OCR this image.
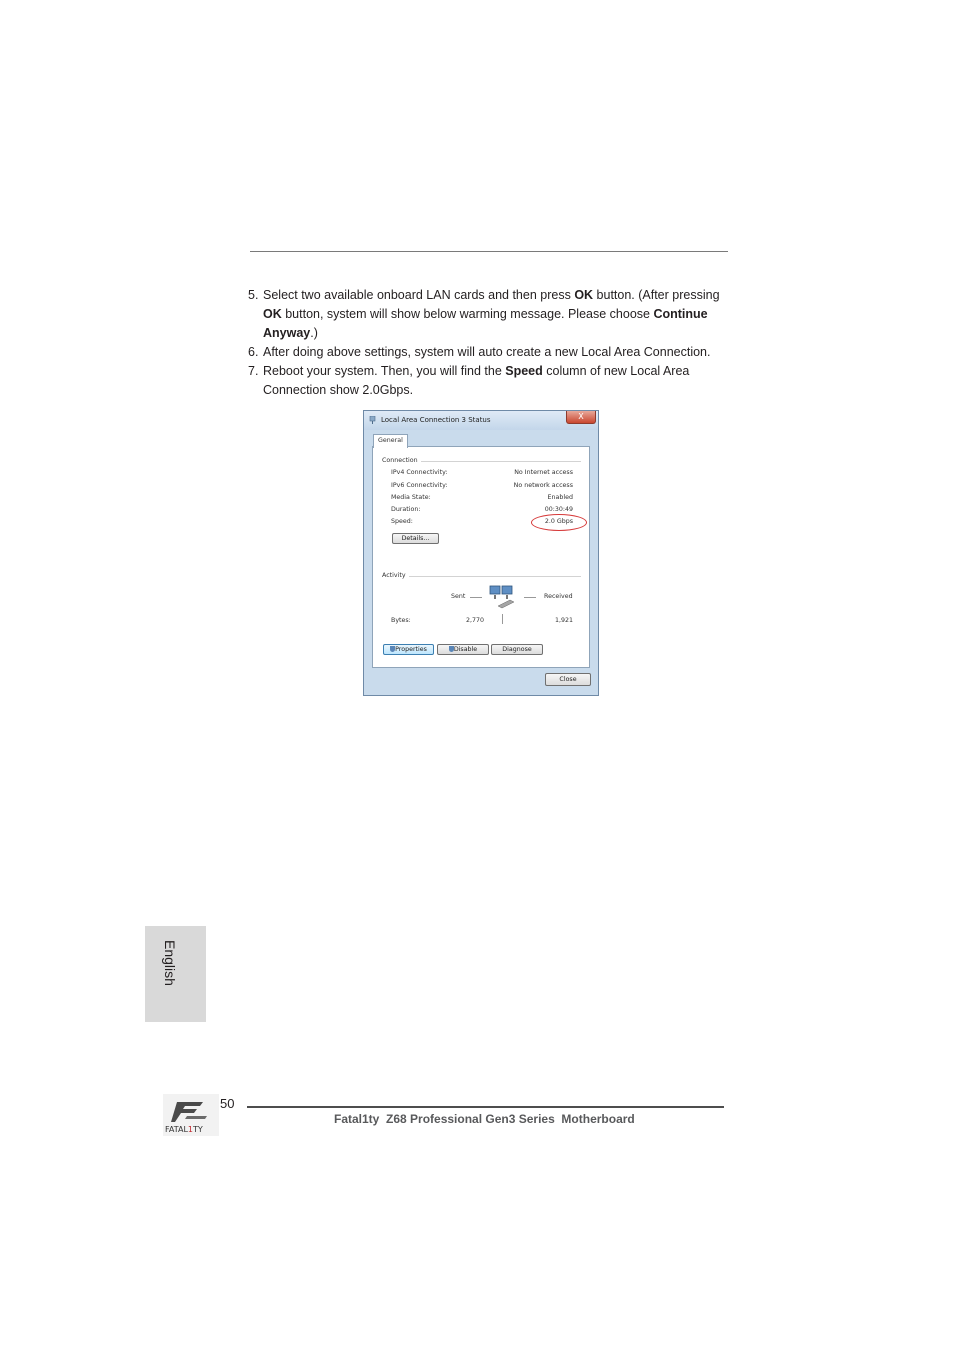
5. Select two available onboard LAN cards and then press OK button. (After pressing OK button, system will show below warming message. Please choose Continue Anyway.)
6. After doing above settings, system will auto create a new Local Area Connection.
7. Reboot your system. Then, you will find the Speed column of new Local Area Connection show 2.0Gbps.
Local Area Connection 3 Status	X
General
Connection
IPv4 Connectivity:	No Internet access
IPv6 Connectivity:	No network access
Media State:	Enabled
Duration:	00:30:49
Speed:	2.0 Gbps
Details...
Activity
Sent	Received
Bytes:	2,770	1,921
Properties	Disable	Diagnose
Close
English
FATAL1TY
50
Fatal1ty  Z68 Professional Gen3 Series  Motherboard
